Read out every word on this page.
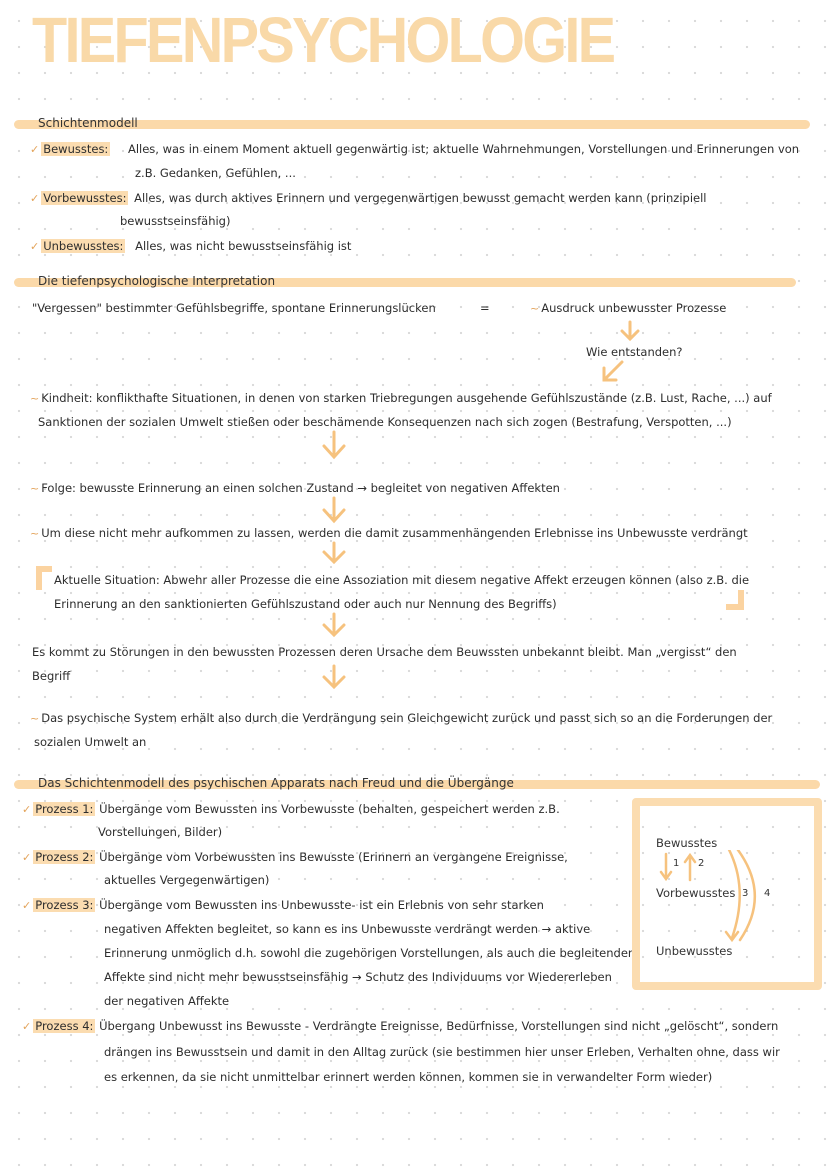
TIEFENPSYCHOLOGIE
Schichtenmodell
✓ Bewusstes: Alles, was in einem Moment aktuell gegenwärtig ist; aktuelle Wahrnehmungen, Vorstellungen und Erinnerungen von
z.B. Gedanken, Gefühlen, ...
✓ Vorbewusstes: Alles, was durch aktives Erinnern und vergegenwärtigen bewusst gemacht werden kann (prinzipiell
bewusstseinsfähig)
✓ Unbewusstes: Alles, was nicht bewusstseinsfähig ist
Die tiefenpsychologische Interpretation
"Vergessen" bestimmter Gefühlsbegriffe, spontane Erinnerungslücken	=	~ Ausdruck unbewusster Prozesse
Wie entstanden?
~ Kindheit: konflikthafte Situationen, in denen von starken Triebregungen ausgehende Gefühlszustände (z.B. Lust, Rache, ...) auf
Sanktionen der sozialen Umwelt stießen oder beschämende Konsequenzen nach sich zogen (Bestrafung, Verspotten, ...)
~ Folge: bewusste Erinnerung an einen solchen Zustand → begleitet von negativen Affekten
~ Um diese nicht mehr aufkommen zu lassen, werden die damit zusammenhängenden Erlebnisse ins Unbewusste verdrängt
Aktuelle Situation: Abwehr aller Prozesse die eine Assoziation mit diesem negative Affekt erzeugen können (also z.B. die
Erinnerung an den sanktionierten Gefühlszustand oder auch nur Nennung des Begriffs)
Es kommt zu Störungen in den bewussten Prozessen deren Ursache dem Beuwssten unbekannt bleibt. Man „vergisst“ den
Begriff
~ Das psychische System erhält also durch die Verdrängung sein Gleichgewicht zurück und passt sich so an die Forderungen der
sozialen Umwelt an
Das Schichtenmodell des psychischen Apparats nach Freud und die Übergänge
✓ Prozess 1: Übergänge vom Bewussten ins Vorbewusste (behalten, gespeichert werden z.B.
Vorstellungen, Bilder)
✓ Prozess 2: Übergänge vom Vorbewussten ins Bewusste (Erinnern an vergangene Ereignisse,
aktuelles Vergegenwärtigen)
✓ Prozess 3: Übergänge vom Bewussten ins Unbewusste- ist ein Erlebnis von sehr starken
negativen Affekten begleitet, so kann es ins Unbewusste verdrängt werden → aktive
Erinnerung unmöglich d.h. sowohl die zugehörigen Vorstellungen, als auch die begleitenden
Affekte sind nicht mehr bewusstseinsfähig → Schutz des Individuums vor Wiedererleben
der negativen Affekte
✓ Prozess 4: Übergang Unbewusst ins Bewusste - Verdrängte Ereignisse, Bedürfnisse, Vorstellungen sind nicht „gelöscht“, sondern
drängen ins Bewusstsein und damit in den Alltag zurück (sie bestimmen hier unser Erleben, Verhalten ohne, dass wir
es erkennen, da sie nicht unmittelbar erinnert werden können, kommen sie in verwandelter Form wieder)
Bewusstes
Vorbewusstes
Unbewusstes
1 2
3 4
